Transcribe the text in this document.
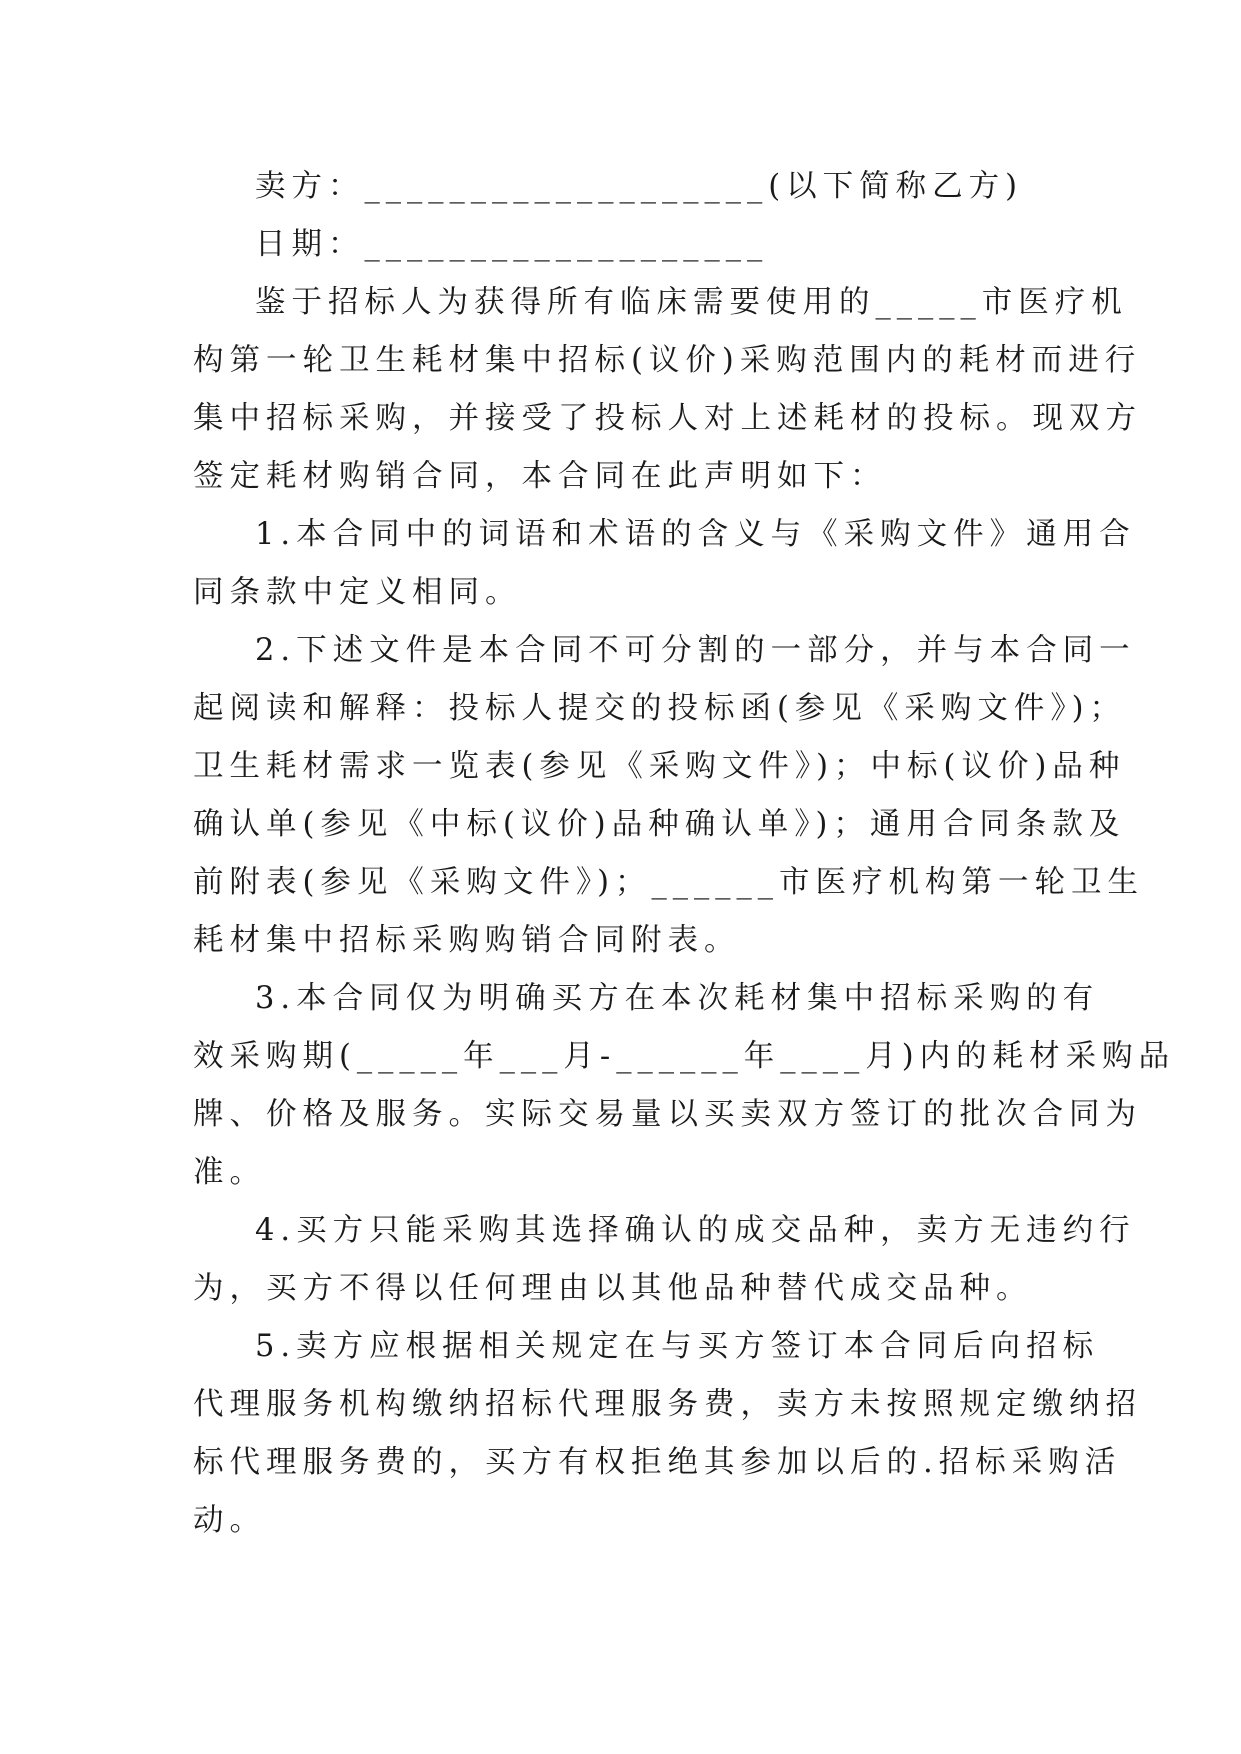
卖方：___________________(以下简称乙方)
日期：___________________
鉴于招标人为获得所有临床需要使用的_____市医疗机
构第一轮卫生耗材集中招标(议价)采购范围内的耗材而进行
集中招标采购，并接受了投标人对上述耗材的投标。现双方
签定耗材购销合同，本合同在此声明如下：
1.本合同中的词语和术语的含义与《采购文件》通用合
同条款中定义相同。
2.下述文件是本合同不可分割的一部分，并与本合同一
起阅读和解释：投标人提交的投标函(参见《采购文件》)；
卫生耗材需求一览表(参见《采购文件》)；中标(议价)品种
确认单(参见《中标(议价)品种确认单》)；通用合同条款及
前附表(参见《采购文件》)；______市医疗机构第一轮卫生
耗材集中招标采购购销合同附表。
3.本合同仅为明确买方在本次耗材集中招标采购的有
效采购期(_____年___月-______年____月)内的耗材采购品
牌、价格及服务。实际交易量以买卖双方签订的批次合同为
准。
4.买方只能采购其选择确认的成交品种，卖方无违约行
为，买方不得以任何理由以其他品种替代成交品种。
5.卖方应根据相关规定在与买方签订本合同后向招标
代理服务机构缴纳招标代理服务费，卖方未按照规定缴纳招
标代理服务费的，买方有权拒绝其参加以后的.招标采购活
动。
